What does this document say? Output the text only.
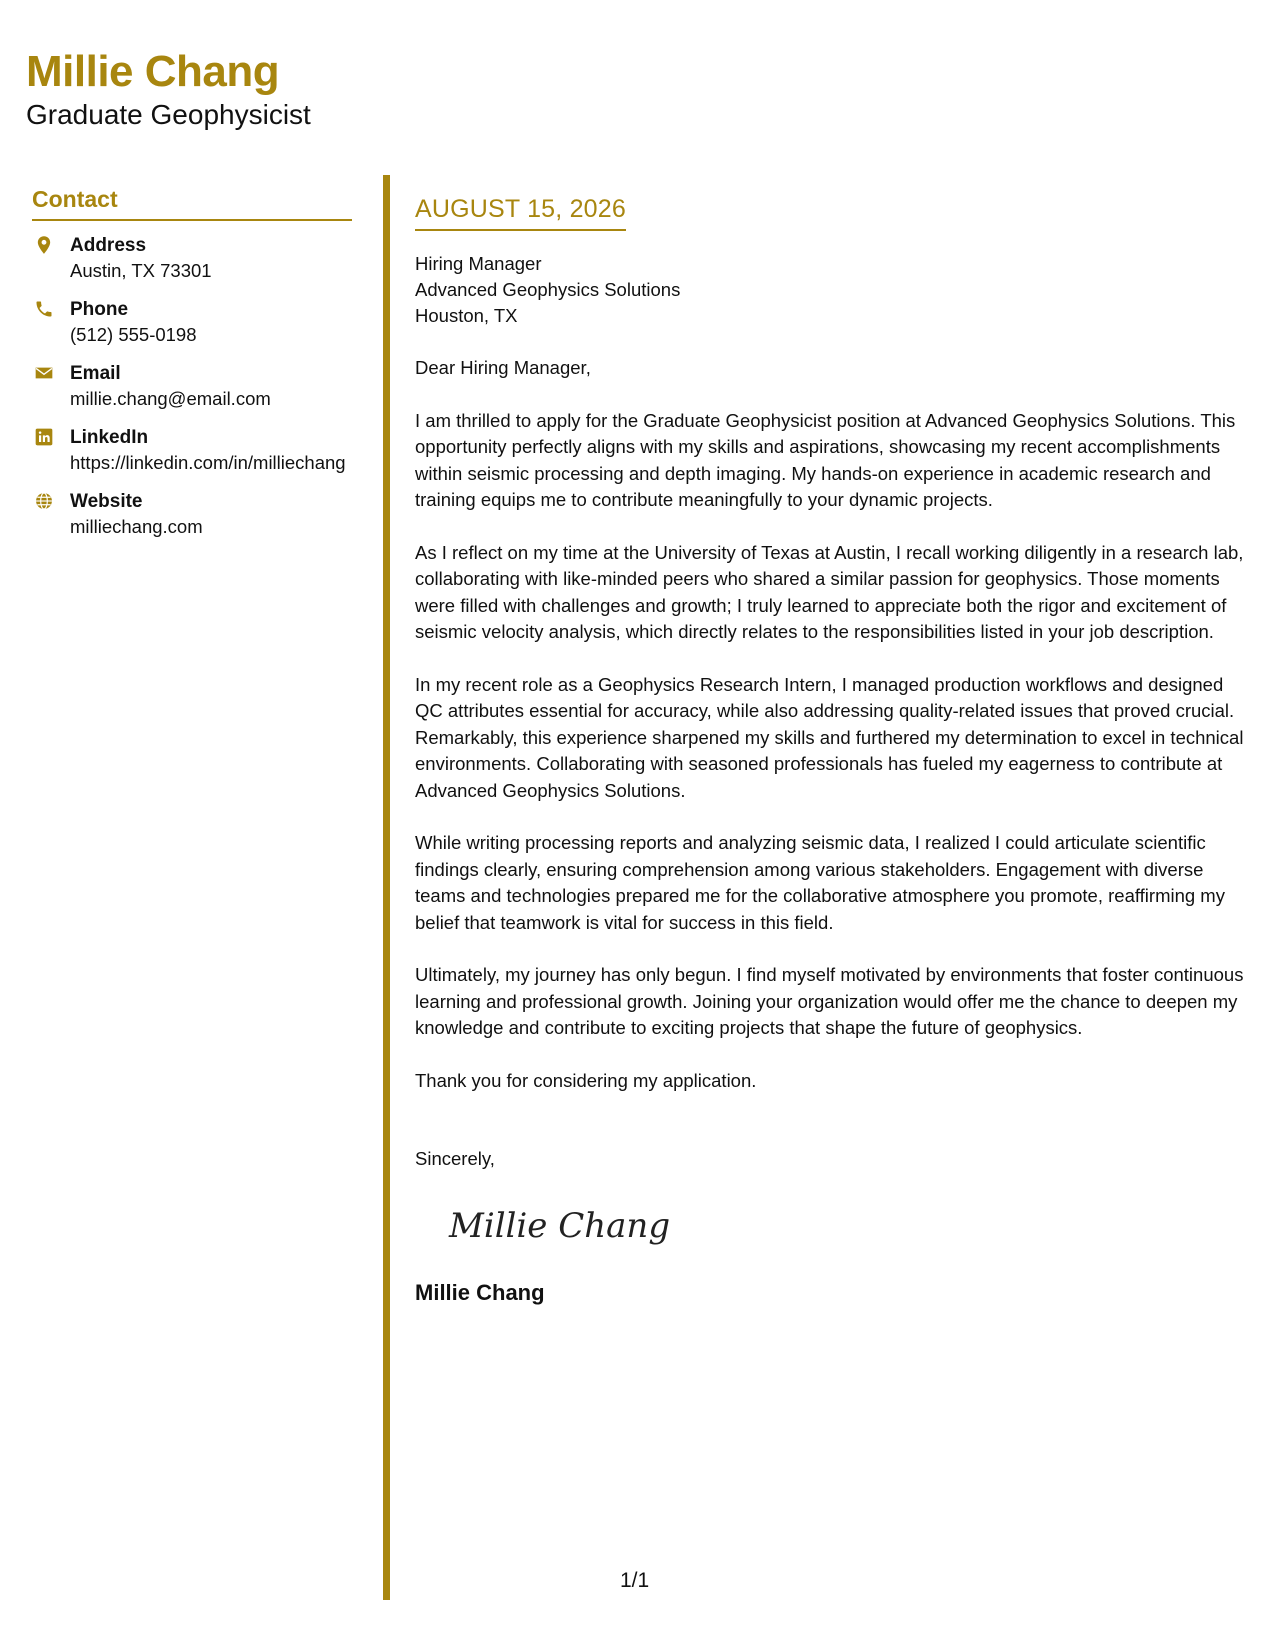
Millie Chang
Graduate Geophysicist
Contact
Address
Austin, TX 73301
Phone
(512) 555-0198
Email
millie.chang@email.com
LinkedIn
https://linkedin.com/in/milliechang
Website
milliechang.com
AUGUST 15, 2026
Hiring Manager
Advanced Geophysics Solutions
Houston, TX
Dear Hiring Manager,
I am thrilled to apply for the Graduate Geophysicist position at Advanced Geophysics Solutions. This opportunity perfectly aligns with my skills and aspirations, showcasing my recent accomplishments within seismic processing and depth imaging. My hands-on experience in academic research and training equips me to contribute meaningfully to your dynamic projects.
As I reflect on my time at the University of Texas at Austin, I recall working diligently in a research lab, collaborating with like-minded peers who shared a similar passion for geophysics. Those moments were filled with challenges and growth; I truly learned to appreciate both the rigor and excitement of seismic velocity analysis, which directly relates to the responsibilities listed in your job description.
In my recent role as a Geophysics Research Intern, I managed production workflows and designed QC attributes essential for accuracy, while also addressing quality-related issues that proved crucial. Remarkably, this experience sharpened my skills and furthered my determination to excel in technical environments. Collaborating with seasoned professionals has fueled my eagerness to contribute at Advanced Geophysics Solutions.
While writing processing reports and analyzing seismic data, I realized I could articulate scientific findings clearly, ensuring comprehension among various stakeholders. Engagement with diverse teams and technologies prepared me for the collaborative atmosphere you promote, reaffirming my belief that teamwork is vital for success in this field.
Ultimately, my journey has only begun. I find myself motivated by environments that foster continuous learning and professional growth. Joining your organization would offer me the chance to deepen my knowledge and contribute to exciting projects that shape the future of geophysics.
Thank you for considering my application.
Sincerely,
Millie Chang
Millie Chang
1/1
